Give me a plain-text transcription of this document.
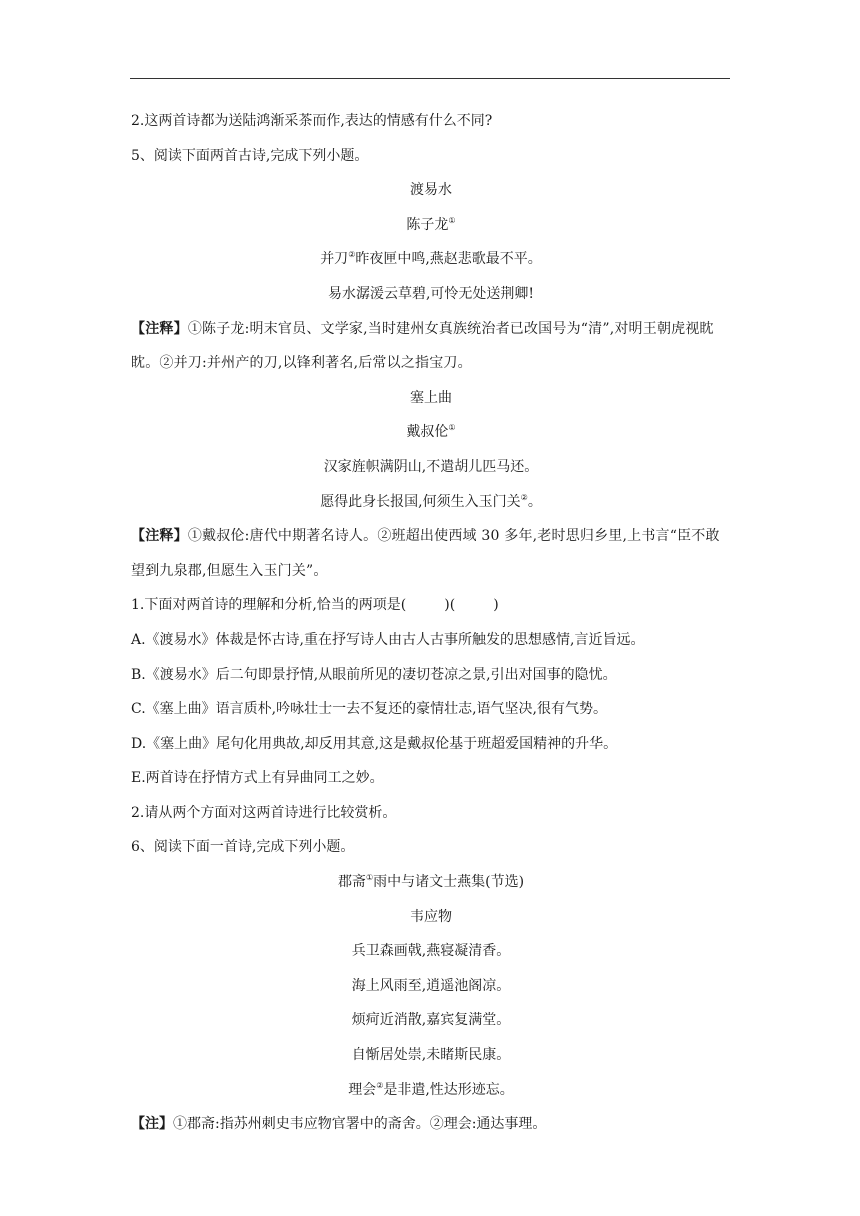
2.这两首诗都为送陆鸿渐采茶而作,表达的情感有什么不同?
5、阅读下面两首古诗,完成下列小题。
渡易水
陈子龙①
并刀②昨夜匣中鸣,燕赵悲歌最不平。
易水潺湲云草碧,可怜无处送荆卿!
【注释】①陈子龙:明末官员、文学家,当时建州女真族统治者已改国号为“清”,对明王朝虎视眈眈。②并刀:并州产的刀,以锋利著名,后常以之指宝刀。
塞上曲
戴叔伦①
汉家旌帜满阴山,不遣胡儿匹马还。
愿得此身长报国,何须生入玉门关②。
【注释】①戴叔伦:唐代中期著名诗人。②班超出使西域 30 多年,老时思归乡里,上书言“臣不敢望到九泉郡,但愿生入玉门关”。
1.下面对两首诗的理解和分析,恰当的两项是(	)(	)
A.《渡易水》体裁是怀古诗,重在抒写诗人由古人古事所触发的思想感情,言近旨远。
B.《渡易水》后二句即景抒情,从眼前所见的凄切苍凉之景,引出对国事的隐忧。
C.《塞上曲》语言质朴,吟咏壮士一去不复还的豪情壮志,语气坚决,很有气势。
D.《塞上曲》尾句化用典故,却反用其意,这是戴叔伦基于班超爱国精神的升华。
E.两首诗在抒情方式上有异曲同工之妙。
2.请从两个方面对这两首诗进行比较赏析。
6、阅读下面一首诗,完成下列小题。
郡斋①雨中与诸文士燕集(节选)
韦应物
兵卫森画戟,燕寝凝清香。
海上风雨至,逍遥池阁凉。
烦疴近消散,嘉宾复满堂。
自惭居处崇,未睹斯民康。
理会②是非遣,性达形迹忘。
【注】①郡斋:指苏州刺史韦应物官署中的斋舍。②理会:通达事理。
